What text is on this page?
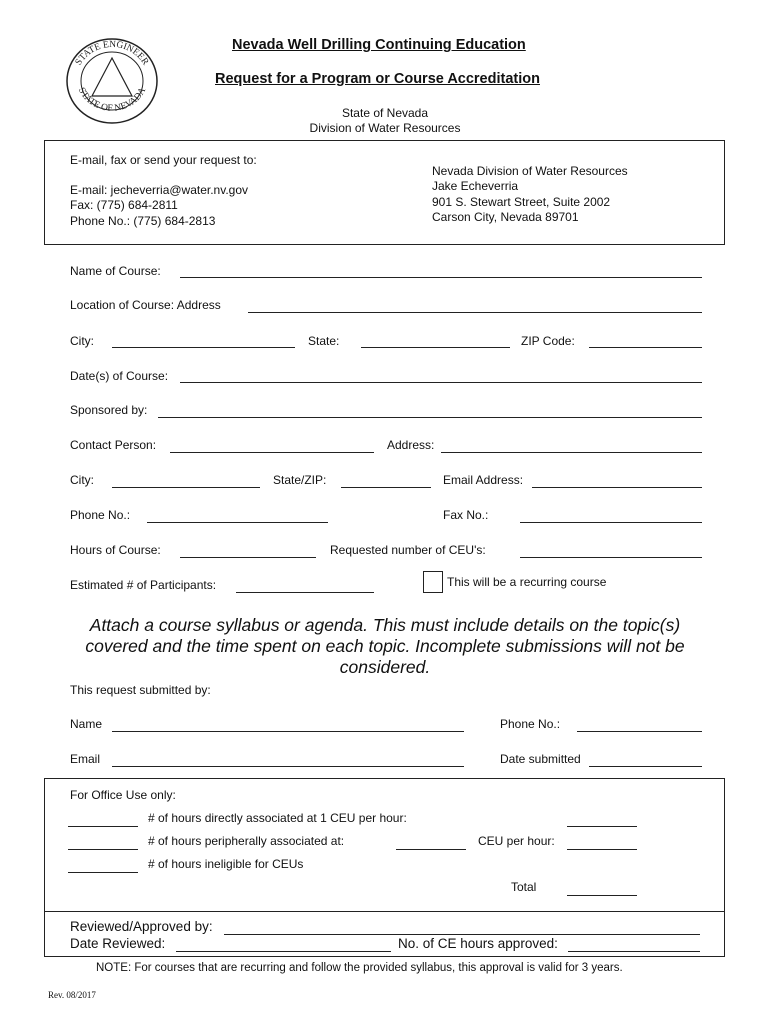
STATE ENGINEER
STATE OF NEVADA
Nevada Well Drilling Continuing Education
Request for a Program or Course Accreditation
State of Nevada
Division of Water Resources
E-mail, fax or send your request to:
E-mail: jecheverria@water.nv.gov
Fax: (775) 684-2811
Phone No.: (775) 684-2813
Nevada Division of Water Resources
Jake Echeverria
901 S. Stewart Street, Suite 2002
Carson City, Nevada 89701
Name of Course:
Location of Course: Address
City:	State:	ZIP Code:
Date(s) of Course:
Sponsored by:
Contact Person:	Address:
City:	State/ZIP:	Email Address:
Phone No.:	Fax No.:
Hours of Course:	Requested number of CEU's:
Estimated # of Participants:	This will be a recurring course
Attach a course syllabus or agenda. This must include details on the topic(s) covered and the time spent on each topic. Incomplete submissions will not be considered.
This request submitted by:
Name	Phone No.:
Email	Date submitted
For Office Use only:
# of hours directly associated at 1 CEU per hour:
# of hours peripherally associated at:	CEU per hour:
# of hours ineligible for CEUs
Total
Reviewed/Approved by:
Date Reviewed:	No. of CE hours approved:
NOTE: For courses that are recurring and follow the provided syllabus, this approval is valid for 3 years.
Rev. 08/2017
